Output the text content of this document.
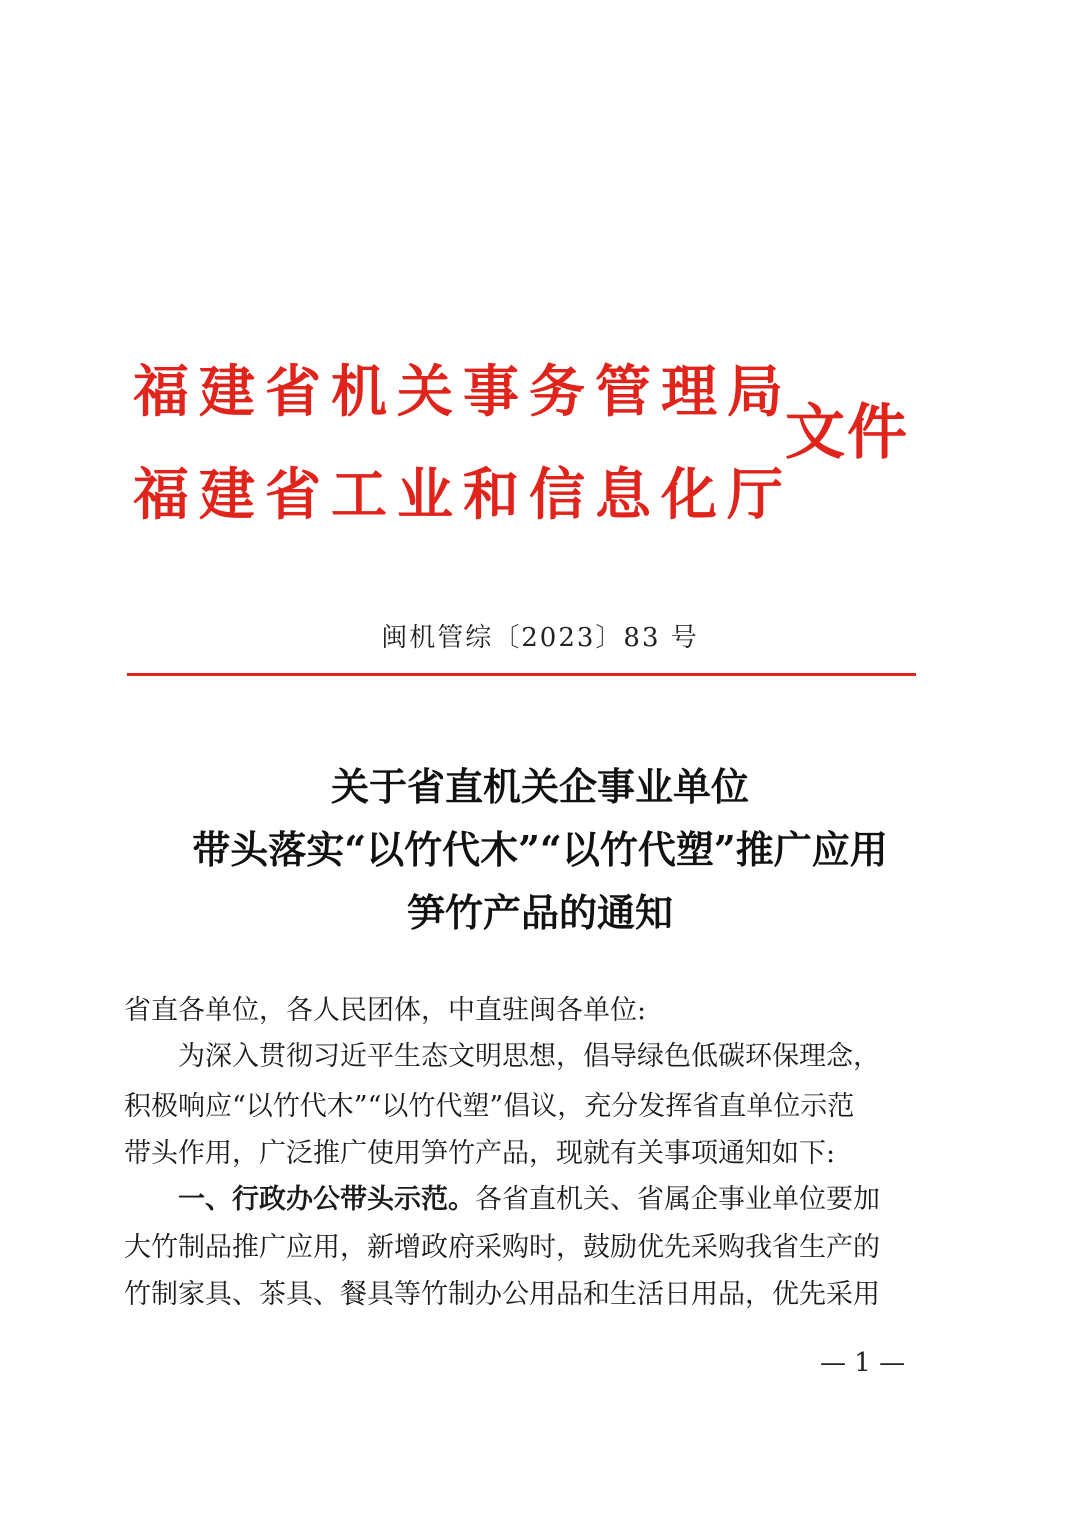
福建省机关事务管理局
福建省工业和信息化厅
文件
闽机管综〔2023〕83 号
关于省直机关企事业单位
带头落实“以竹代木”“以竹代塑”推广应用
笋竹产品的通知
省直各单位，各人民团体，中直驻闽各单位:
为深入贯彻习近平生态文明思想，倡导绿色低碳环保理念，
积极响应“以竹代木”“以竹代塑”倡议，充分发挥省直单位示范
带头作用，广泛推广使用笋竹产品，现就有关事项通知如下:
一、行政办公带头示范。各省直机关、省属企事业单位要加
大竹制品推广应用，新增政府采购时，鼓励优先采购我省生产的
竹制家具、茶具、餐具等竹制办公用品和生活日用品，优先采用
— 1 —
